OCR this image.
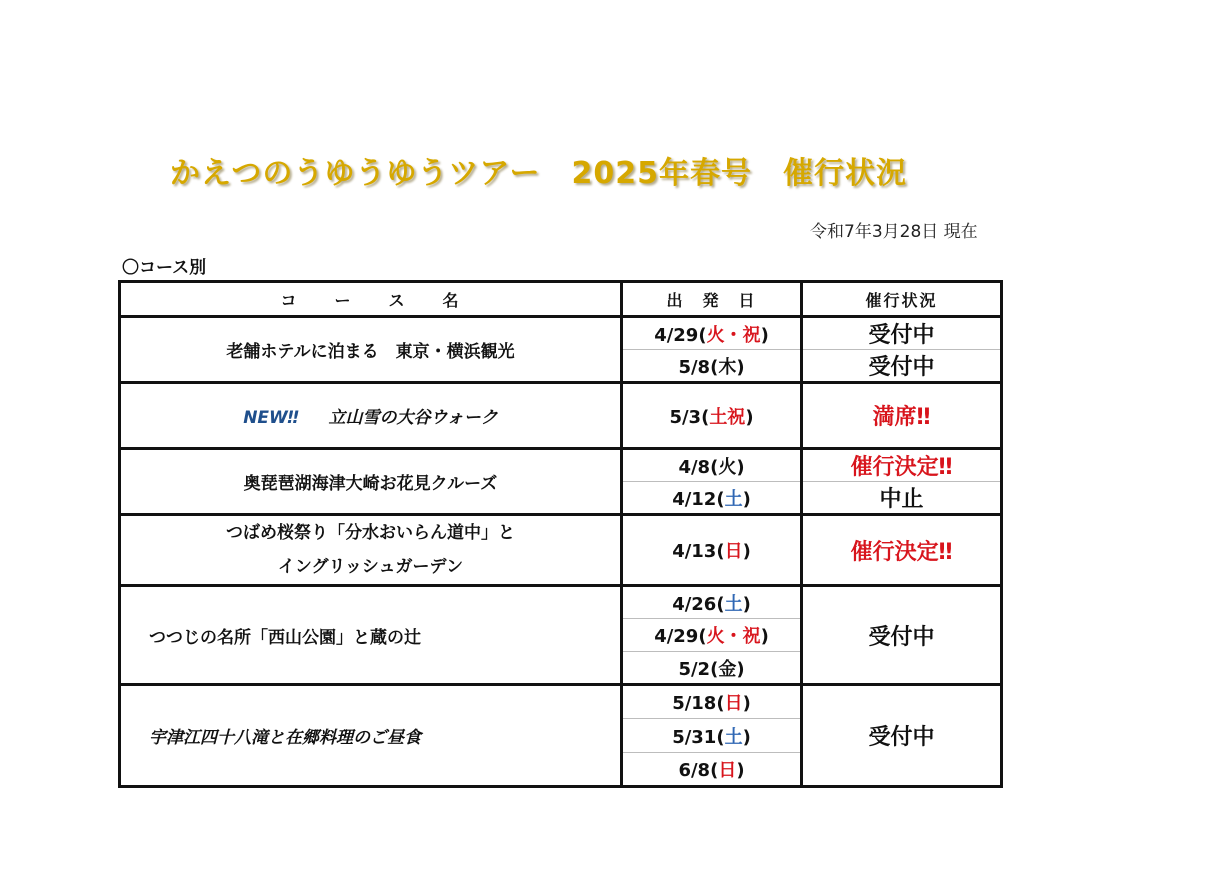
かえつのうゆうゆうツアー　2025年春号　催行状況
令和7年3月28日 現在
〇コース別
コ　　ー　　ス　　名	出　発　日	催行状況
老舗ホテルに泊まる　東京・横浜観光	4/29(火・祝)	受付中
	5/8(木)	受付中
NEW‼ 立山雪の大谷ウォーク	5/3(土祝)	満席‼
奥琵琶湖海津大崎お花見クルーズ	4/8(火)	催行決定‼
	4/12(土)	中止

つばめ桜祭り「分水おいらん道中」と
イングリッシュガーデン	4/13(日)	催行決定‼
つつじの名所「西山公園」と蔵の辻	4/26(土)	受付中
	4/29(火・祝)	
	5/2(金)	
宇津江四十八滝と在郷料理のご昼食	5/18(日)	受付中
	5/31(土)	
	6/8(日)	
